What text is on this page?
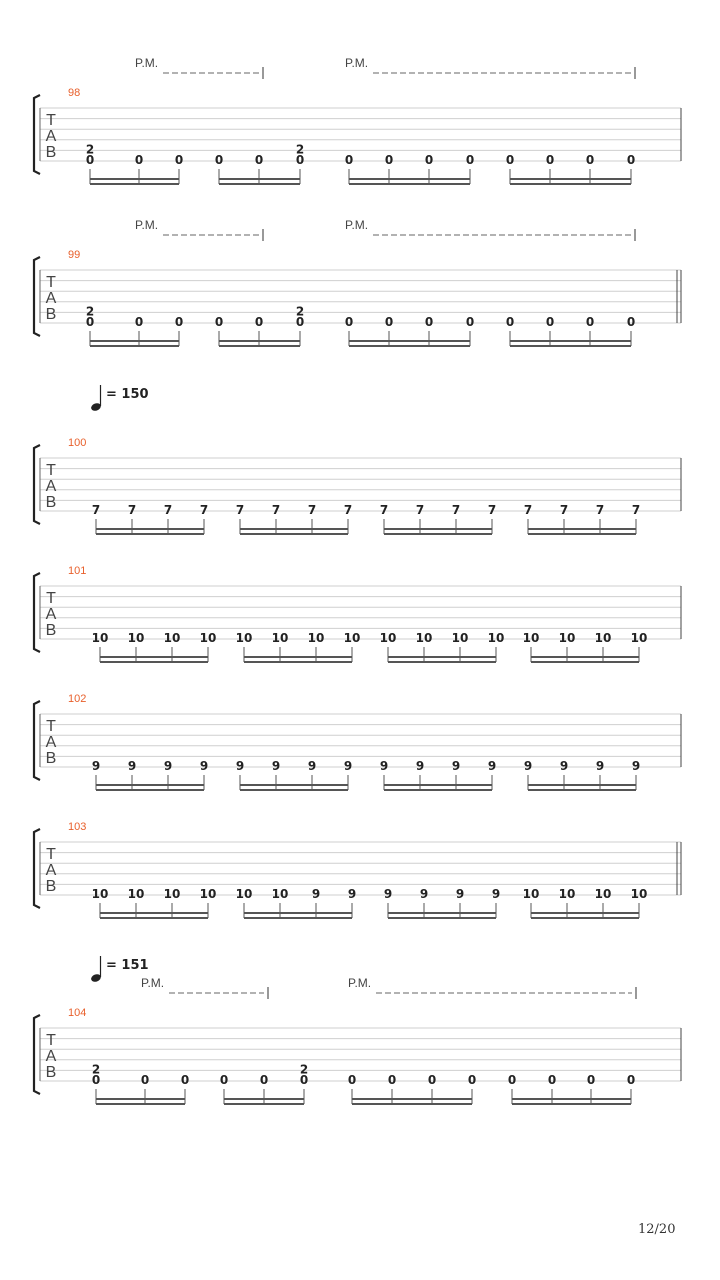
T
A
B
98
P.M.	P.M.
2
0	0	0	0	0
2
0	0	0	0	0	0	0	0	0
T
A
B
99
P.M.	P.M.
2
0	0	0	0	0
2
0	0	0	0	0	0	0	0	0
T
A
B
100
= 150
7 7 7 7 7 7 7 7 7 7 7 7 7 7 7 7
T
A
B
101
10 10 10 10 10 10 10 10 10 10 10 10 10 10 10 10
T
A
B
102
9 9 9 9 9 9 9 9 9 9 9 9 9 9 9 9
T
A
B
103
10 10 10 10 10 10 9 9 9 9 9 9 10 10 10 10
T
A
B
104
= 151
P.M.	P.M.
2
0	0	0	0	0
2
0	0	0	0	0	0	0	0	0
12/20
